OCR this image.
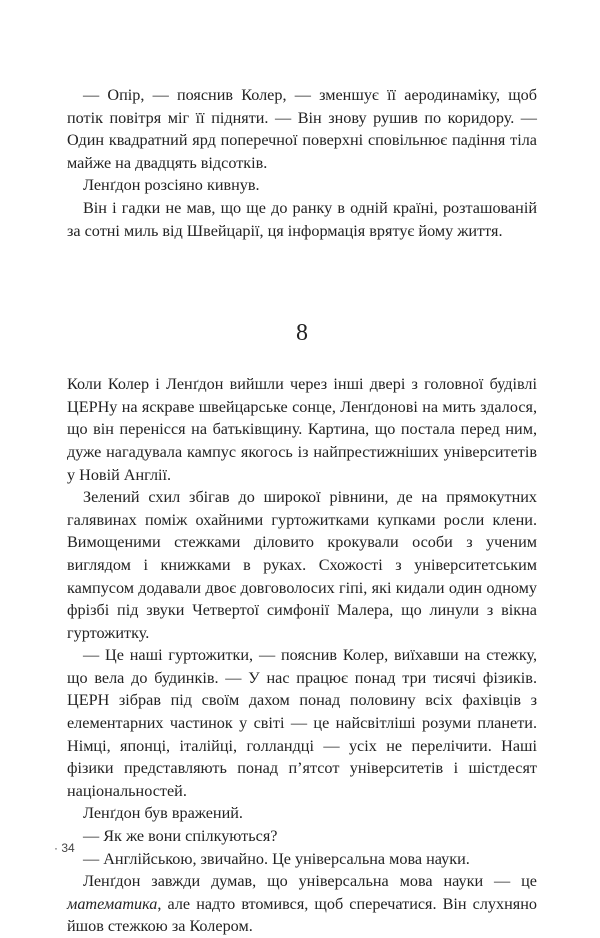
— Опір, — пояснив Колер, — зменшує її аеродинаміку, щоб потік повітря міг її підняти. — Він знову рушив по коридору. — Один квадратний ярд поперечної поверхні сповільнює падіння тіла майже на двадцять відсотків.

Ленґдон розсіяно кивнув.

Він і гадки не мав, що ще до ранку в одній країні, розташованій за сотні миль від Швейцарії, ця інформація врятує йому життя.

8

Коли Колер і Ленґдон вийшли через інші двері з головної будівлі ЦЕРНу на яскраве швейцарське сонце, Ленґдонові на мить здалося, що він перенісся на батьківщину. Картина, що постала перед ним, дуже нагадувала кампус якогось із найпрестижніших університетів у Новій Англії.

Зелений схил збігав до широкої рівнини, де на прямокутних галявинах поміж охайними гуртожитками купками росли клени. Вимощеними стежками діловито крокували особи з ученим виглядом і книжками в руках. Схожості з університетським кампусом додавали двоє довговолосих гіпі, які кидали один одному фрізбі під звуки Четвертої симфонії Малера, що линули з вікна гуртожитку.

— Це наші гуртожитки, — пояснив Колер, виїхавши на стежку, що вела до будинків. — У нас працює понад три тисячі фізиків. ЦЕРН зібрав під своїм дахом понад половину всіх фахівців з елементарних частинок у світі — це найсвітліші розуми планети. Німці, японці, італійці, голландці — усіх не перелічити. Наші фізики представляють понад п’ятсот університетів і шістдесят національностей.

Ленґдон був вражений.

— Як же вони спілкуються?

— Англійською, звичайно. Це універсальна мова науки.

Ленґдон завжди думав, що універсальна мова науки — це математика, але надто втомився, щоб сперечатися. Він слухняно йшов стежкою за Колером.

· 34
